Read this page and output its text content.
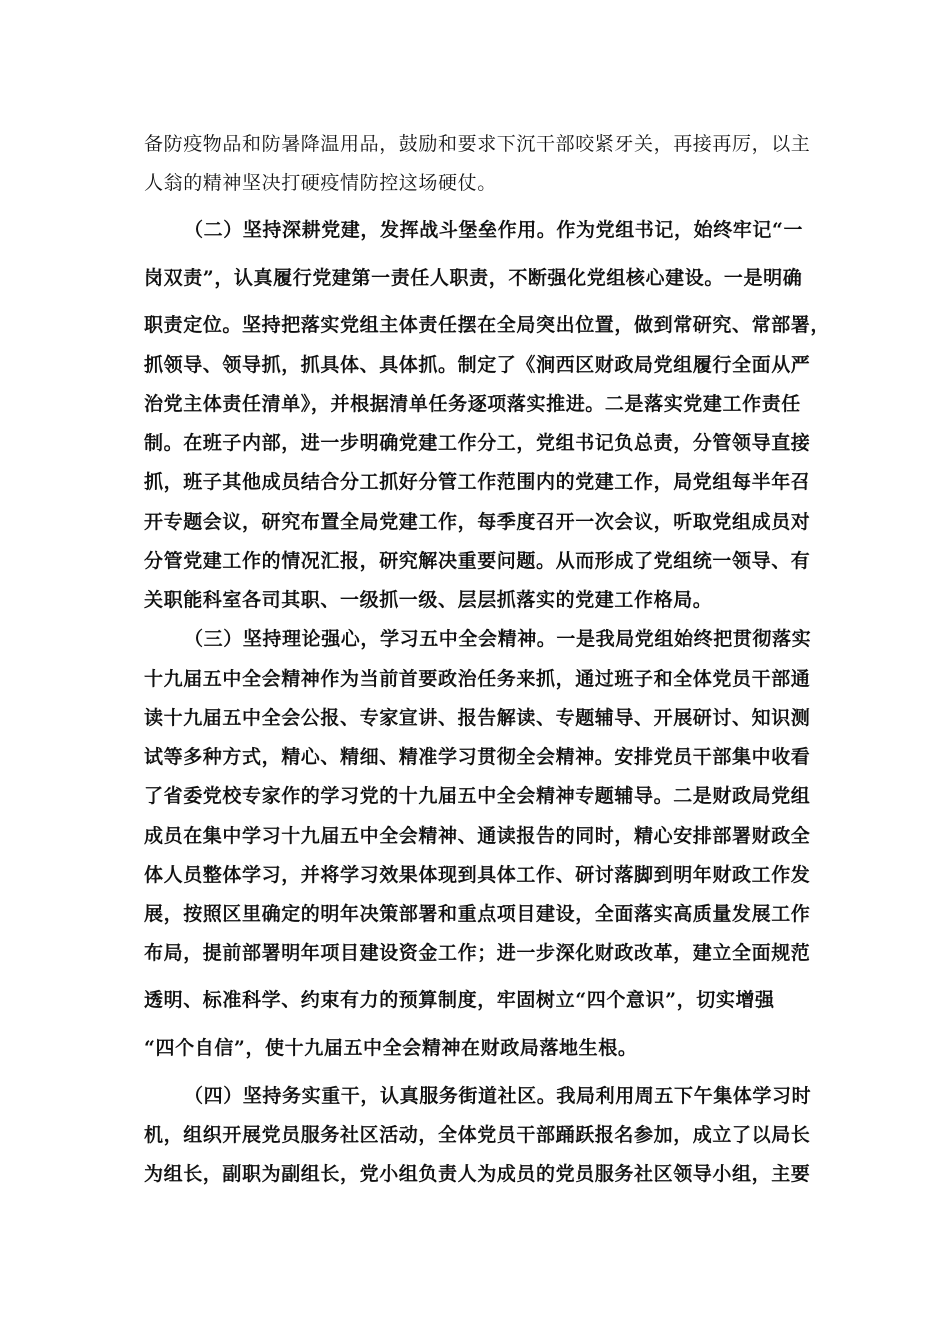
备防疫物品和防暑降温用品，鼓励和要求下沉干部咬紧牙关，再接再厉，以主
人翁的精神坚决打硬疫情防控这场硬仗。
（二）坚持深耕党建，发挥战斗堡垒作用。作为党组书记，始终牢记“一
岗双责”，认真履行党建第一责任人职责，不断强化党组核心建设。一是明确
职责定位。坚持把落实党组主体责任摆在全局突出位置，做到常研究、常部署，
抓领导、领导抓，抓具体、具体抓。制定了《涧西区财政局党组履行全面从严
治党主体责任清单》，并根据清单任务逐项落实推进。二是落实党建工作责任
制。在班子内部，进一步明确党建工作分工，党组书记负总责，分管领导直接
抓，班子其他成员结合分工抓好分管工作范围内的党建工作，局党组每半年召
开专题会议，研究布置全局党建工作，每季度召开一次会议，听取党组成员对
分管党建工作的情况汇报，研究解决重要问题。从而形成了党组统一领导、有
关职能科室各司其职、一级抓一级、层层抓落实的党建工作格局。
（三）坚持理论强心，学习五中全会精神。一是我局党组始终把贯彻落实
十九届五中全会精神作为当前首要政治任务来抓，通过班子和全体党员干部通
读十九届五中全会公报、专家宣讲、报告解读、专题辅导、开展研讨、知识测
试等多种方式，精心、精细、精准学习贯彻全会精神。安排党员干部集中收看
了省委党校专家作的学习党的十九届五中全会精神专题辅导。二是财政局党组
成员在集中学习十九届五中全会精神、通读报告的同时，精心安排部署财政全
体人员整体学习，并将学习效果体现到具体工作、研讨落脚到明年财政工作发
展，按照区里确定的明年决策部署和重点项目建设，全面落实高质量发展工作
布局，提前部署明年项目建设资金工作；进一步深化财政改革，建立全面规范
透明、标准科学、约束有力的预算制度，牢固树立“四个意识”，切实增强
“四个自信”，使十九届五中全会精神在财政局落地生根。
（四）坚持务实重干，认真服务街道社区。我局利用周五下午集体学习时
机，组织开展党员服务社区活动，全体党员干部踊跃报名参加，成立了以局长
为组长，副职为副组长，党小组负责人为成员的党员服务社区领导小组，主要
